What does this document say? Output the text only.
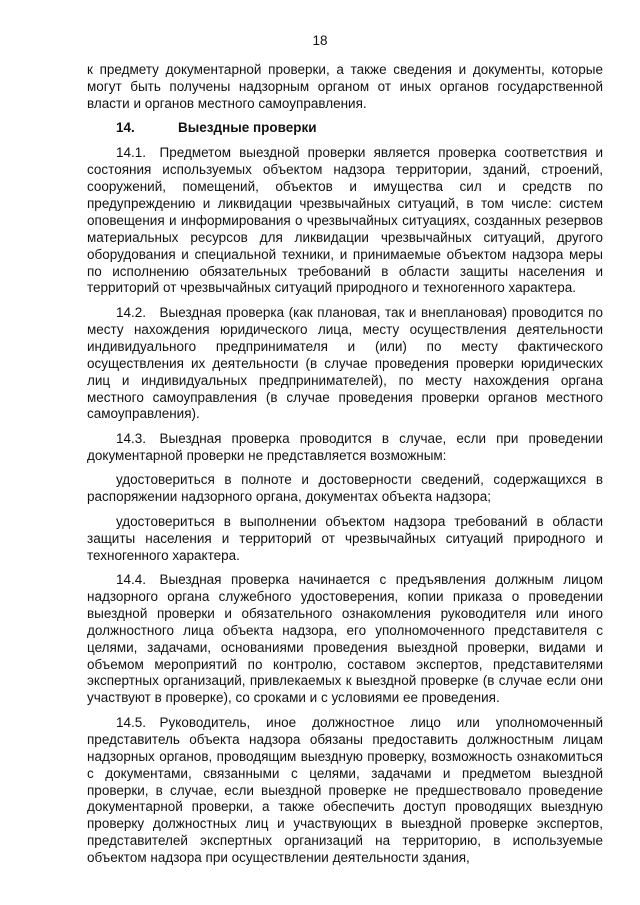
18

к предмету документарной проверки, а также сведения и документы, которые могут быть получены надзорным органом от иных органов государственной власти и органов местного самоуправления.

14.	Выездные проверки

14.1. Предметом выездной проверки является проверка соответствия и состояния используемых объектом надзора территории, зданий, строений, сооружений, помещений, объектов и имущества сил и средств по предупреждению и ликвидации чрезвычайных ситуаций, в том числе: систем оповещения и информирования о чрезвычайных ситуациях, созданных резервов материальных ресурсов для ликвидации чрезвычайных ситуаций, другого оборудования и специальной техники, и принимаемые объектом надзора меры по исполнению обязательных требований в области защиты населения и территорий от чрезвычайных ситуаций природного и техногенного характера.

14.2. Выездная проверка (как плановая, так и внеплановая) проводится по месту нахождения юридического лица, месту осуществления деятельности индивидуального предпринимателя и (или) по месту фактического осуществления их деятельности (в случае проведения проверки юридических лиц и индивидуальных предпринимателей), по месту нахождения органа местного самоуправления (в случае проведения проверки органов местного самоуправления).

14.3. Выездная проверка проводится в случае, если при проведении документарной проверки не представляется возможным:

удостовериться в полноте и достоверности сведений, содержащихся в распоряжении надзорного органа, документах объекта надзора;

удостовериться в выполнении объектом надзора требований в области защиты населения и территорий от чрезвычайных ситуаций природного и техногенного характера.

14.4. Выездная проверка начинается с предъявления должным лицом надзорного органа служебного удостоверения, копии приказа о проведении выездной проверки и обязательного ознакомления руководителя или иного должностного лица объекта надзора, его уполномоченного представителя с целями, задачами, основаниями проведения выездной проверки, видами и объемом мероприятий по контролю, составом экспертов, представителями экспертных организаций, привлекаемых к выездной проверке (в случае если они участвуют в проверке), со сроками и с условиями ее проведения.

14.5. Руководитель, иное должностное лицо или уполномоченный представитель объекта надзора обязаны предоставить должностным лицам надзорных органов, проводящим выездную проверку, возможность ознакомиться с документами, связанными с целями, задачами и предметом выездной проверки, в случае, если выездной проверке не предшествовало проведение документарной проверки, а также обеспечить доступ проводящих выездную проверку должностных лиц и участвующих в выездной проверке экспертов, представителей экспертных организаций на территорию, в используемые объектом надзора при осуществлении деятельности здания,
